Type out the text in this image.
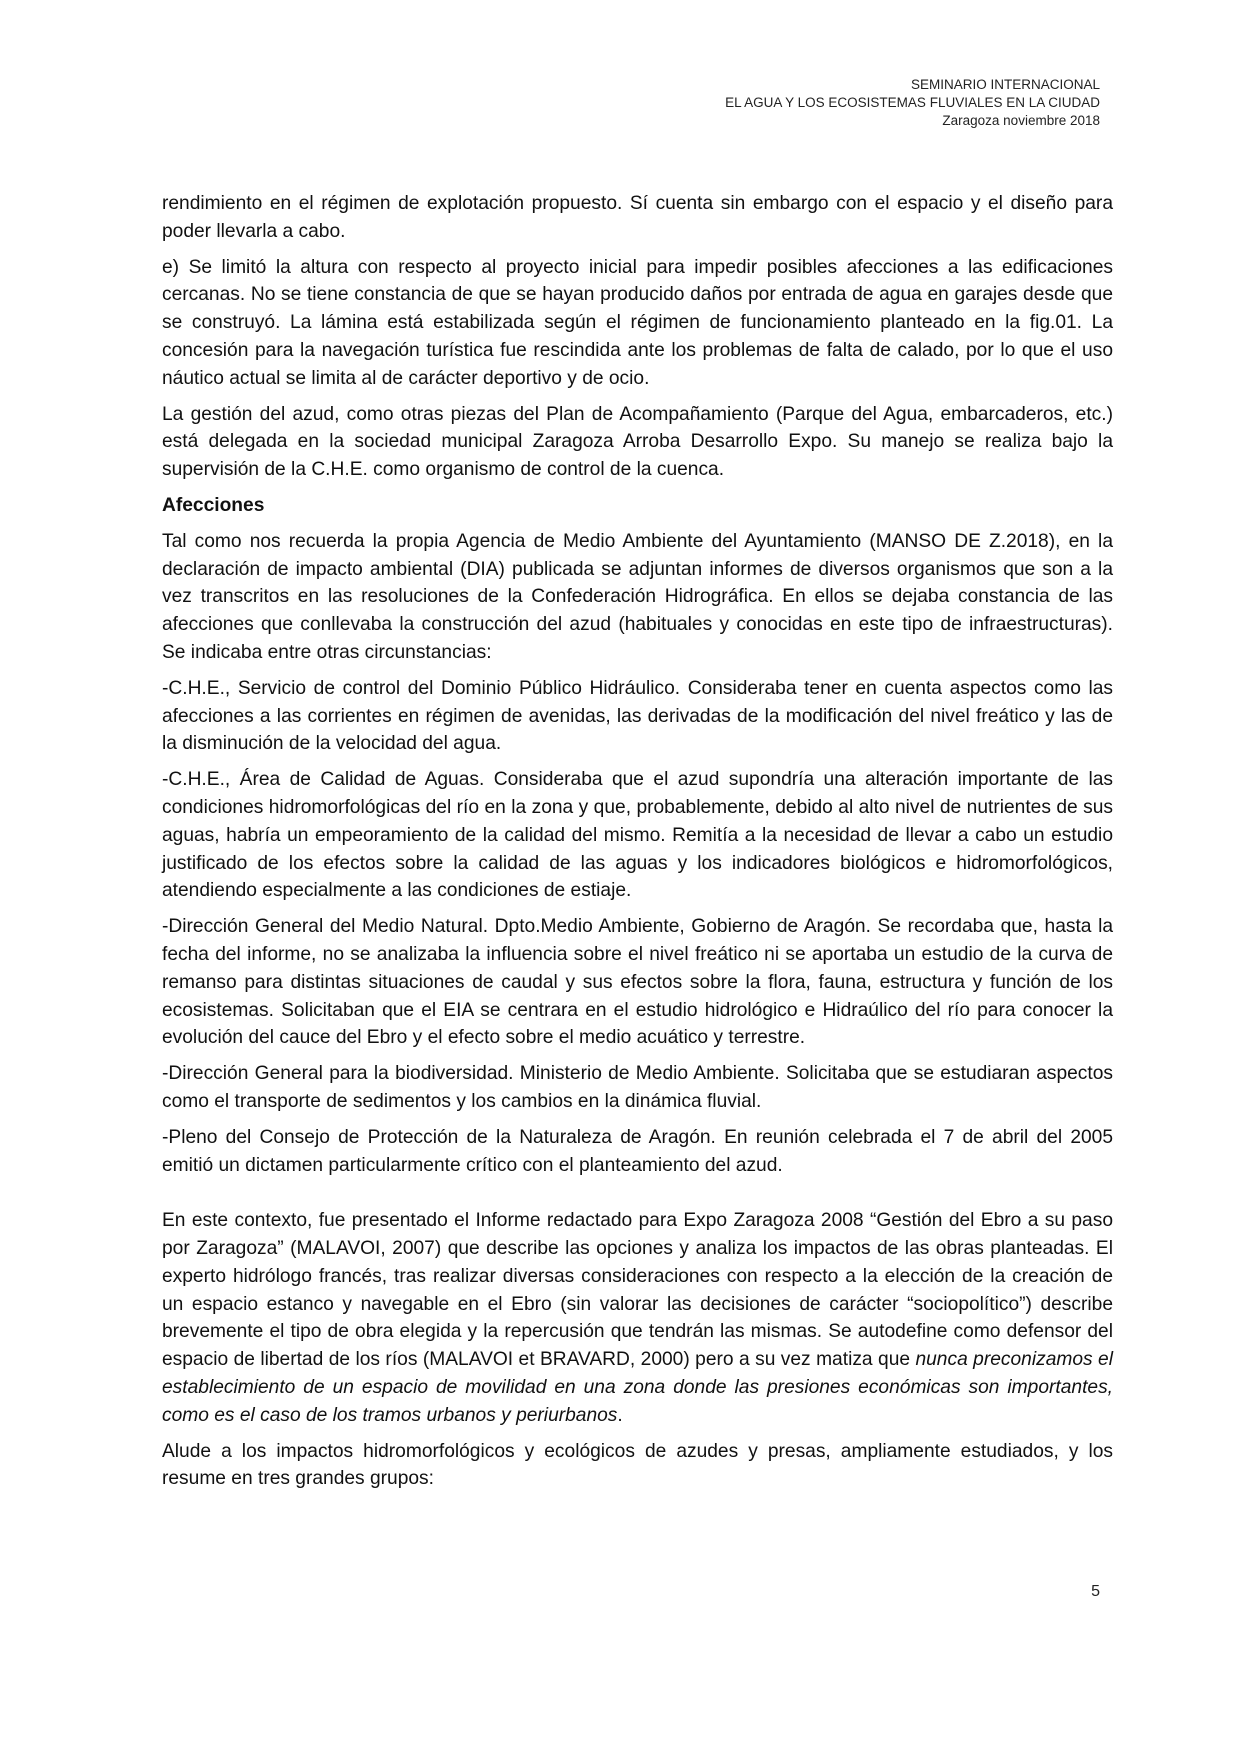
SEMINARIO INTERNACIONAL
EL AGUA Y LOS ECOSISTEMAS FLUVIALES EN LA CIUDAD
Zaragoza noviembre 2018

rendimiento en el régimen de explotación propuesto. Sí cuenta sin embargo con el espacio y el diseño para poder llevarla a cabo.

e) Se limitó la altura con respecto al proyecto inicial para impedir posibles afecciones a las edificaciones cercanas. No se tiene constancia de que se hayan producido daños por entrada de agua en garajes desde que se construyó. La lámina está estabilizada según el régimen de funcionamiento planteado en la fig.01. La concesión para la navegación turística fue rescindida ante los problemas de falta de calado, por lo que el uso náutico actual se limita al de carácter deportivo y de ocio.

La gestión del azud, como otras piezas del Plan de Acompañamiento (Parque del Agua, embarcaderos, etc.) está delegada en la sociedad municipal Zaragoza Arroba Desarrollo Expo. Su manejo se realiza bajo la supervisión de la C.H.E. como organismo de control de la cuenca.

Afecciones

Tal como nos recuerda la propia Agencia de Medio Ambiente del Ayuntamiento (MANSO DE Z.2018), en la declaración de impacto ambiental (DIA) publicada se adjuntan informes de diversos organismos que son a la vez transcritos en las resoluciones de la Confederación Hidrográfica. En ellos se dejaba constancia de las afecciones que conllevaba la construcción del azud (habituales y conocidas en este tipo de infraestructuras). Se indicaba entre otras circunstancias:

-C.H.E., Servicio de control del Dominio Público Hidráulico. Consideraba tener en cuenta aspectos como las afecciones a las corrientes en régimen de avenidas, las derivadas de la modificación del nivel freático y las de la disminución de la velocidad del agua.

-C.H.E., Área de Calidad de Aguas. Consideraba que el azud supondría una alteración importante de las condiciones hidromorfológicas del río en la zona y que, probablemente, debido al alto nivel de nutrientes de sus aguas, habría un empeoramiento de la calidad del mismo. Remitía a la necesidad de llevar a cabo un estudio justificado de los efectos sobre la calidad de las aguas y los indicadores biológicos e hidromorfológicos, atendiendo especialmente a las condiciones de estiaje.

-Dirección General del Medio Natural. Dpto.Medio Ambiente, Gobierno de Aragón. Se recordaba que, hasta la fecha del informe, no se analizaba la influencia sobre el nivel freático ni se aportaba un estudio de la curva de remanso para distintas situaciones de caudal y sus efectos sobre la flora, fauna, estructura y función de los ecosistemas. Solicitaban que el EIA se centrara en el estudio hidrológico e Hidraúlico del río para conocer la evolución del cauce del Ebro y el efecto sobre el medio acuático y terrestre.

-Dirección General para la biodiversidad. Ministerio de Medio Ambiente. Solicitaba que se estudiaran aspectos como el transporte de sedimentos y los cambios en la dinámica fluvial.

-Pleno del Consejo de Protección de la Naturaleza de Aragón. En reunión celebrada el 7 de abril del 2005 emitió un dictamen particularmente crítico con el planteamiento del azud.

En este contexto, fue presentado el Informe redactado para Expo Zaragoza 2008 “Gestión del Ebro a su paso por Zaragoza” (MALAVOI, 2007) que describe las opciones y analiza los impactos de las obras planteadas. El experto hidrólogo francés, tras realizar diversas consideraciones con respecto a la elección de la creación de un espacio estanco y navegable en el Ebro (sin valorar las decisiones de carácter “sociopolítico”) describe brevemente el tipo de obra elegida y la repercusión que tendrán las mismas. Se autodefine como defensor del espacio de libertad de los ríos (MALAVOI et BRAVARD, 2000) pero a su vez matiza que nunca preconizamos el establecimiento de un espacio de movilidad en una zona donde las presiones económicas son importantes, como es el caso de los tramos urbanos y periurbanos.

Alude a los impactos hidromorfológicos y ecológicos de azudes y presas, ampliamente estudiados, y los resume en tres grandes grupos:

5
